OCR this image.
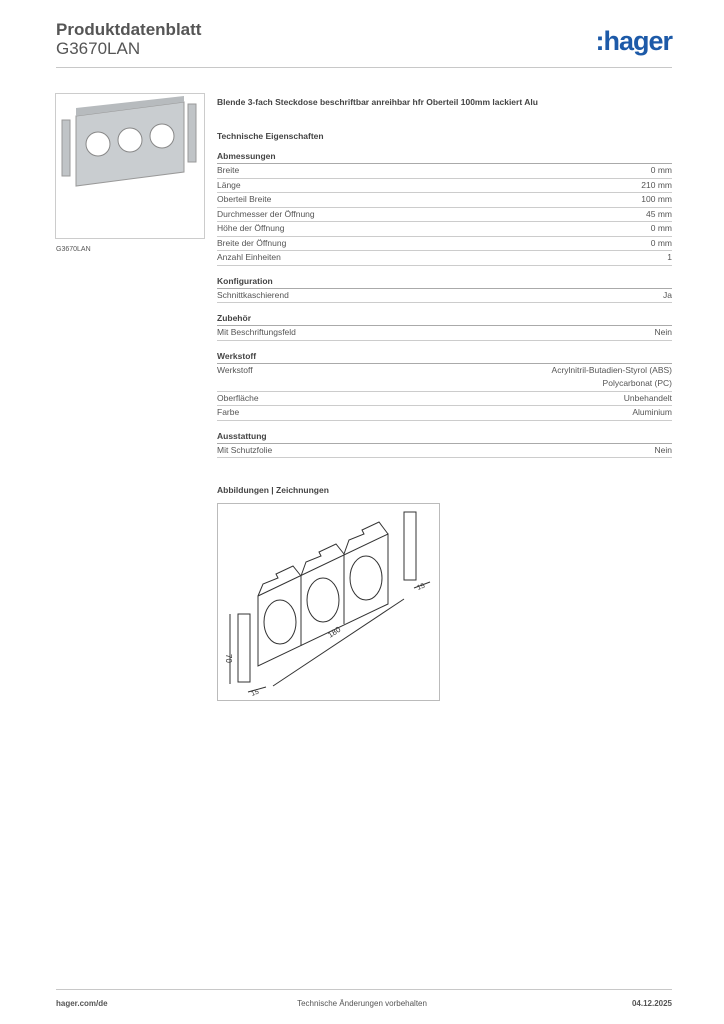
Produktdatenblatt
G3670LAN	:hager
G3670LAN
Blende 3-fach Steckdose beschriftbar anreihbar hfr Oberteil 100mm lackiert Alu
Technische Eigenschaften
Abmessungen
Breite	0 mm
Länge	210 mm
Oberteil Breite	100 mm
Durchmesser der Öffnung	45 mm
Höhe der Öffnung	0 mm
Breite der Öffnung	0 mm
Anzahl Einheiten	1
Konfiguration
Schnittkaschierend	Ja
Zubehör
Mit Beschriftungsfeld	Nein
Werkstoff
Werkstoff	Acrylnitril-Butadien-Styrol (ABS)
Polycarbonat (PC)
Oberfläche	Unbehandelt
Farbe	Aluminium
Ausstattung
Mit Schutzfolie	Nein
Abbildungen | Zeichnungen
180
70
15
15
hager.com/de	Technische Änderungen vorbehalten	04.12.2025
